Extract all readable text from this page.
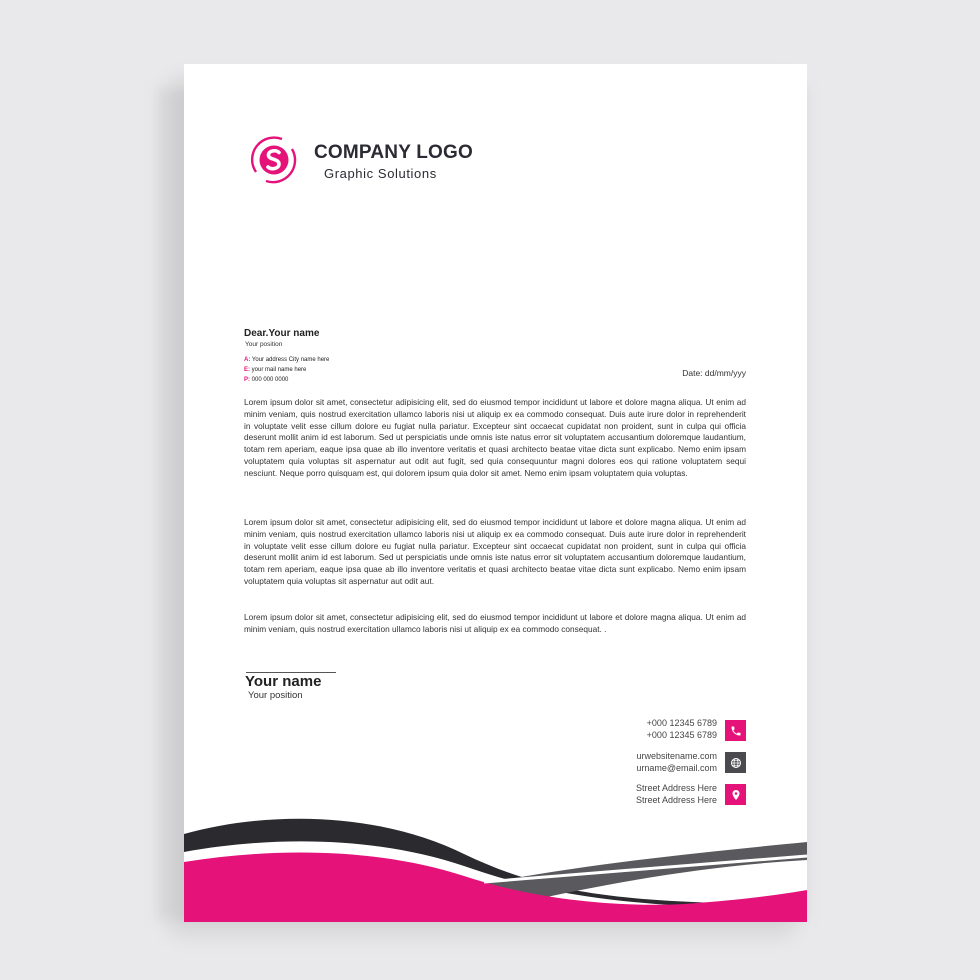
COMPANY LOGO
Graphic Solutions
Dear.Your name
Your position
A: Your address City name here
E: your mail name here
P: 000 000 0000
Date: dd/mm/yyy

Lorem ipsum dolor sit amet, consectetur adipisicing elit, sed do eiusmod tempor incididunt ut labore et dolore magna aliqua. Ut enim ad minim veniam, quis nostrud exercitation ullamco laboris nisi ut aliquip ex ea commodo consequat. Duis aute irure dolor in reprehenderit in voluptate velit esse cillum dolore eu fugiat nulla pariatur. Excepteur sint occaecat cupidatat non proident, sunt in culpa qui officia deserunt mollit anim id est laborum. Sed ut perspiciatis unde omnis iste natus error sit voluptatem accusantium doloremque laudantium, totam rem aperiam, eaque ipsa quae ab illo inventore veritatis et quasi architecto beatae vitae dicta sunt explicabo. Nemo enim ipsam voluptatem quia voluptas sit aspernatur aut odit aut fugit, sed quia consequuntur magni dolores eos qui ratione voluptatem sequi nesciunt. Neque porro quisquam est, qui dolorem ipsum quia dolor sit amet. Nemo enim ipsam voluptatem quia voluptas.

Lorem ipsum dolor sit amet, consectetur adipisicing elit, sed do eiusmod tempor incididunt ut labore et dolore magna aliqua. Ut enim ad minim veniam, quis nostrud exercitation ullamco laboris nisi ut aliquip ex ea commodo consequat. Duis aute irure dolor in reprehenderit in voluptate velit esse cillum dolore eu fugiat nulla pariatur. Excepteur sint occaecat cupidatat non proident, sunt in culpa qui officia deserunt mollit anim id est laborum. Sed ut perspiciatis unde omnis iste natus error sit voluptatem accusantium doloremque laudantium, totam rem aperiam, eaque ipsa quae ab illo inventore veritatis et quasi architecto beatae vitae dicta sunt explicabo. Nemo enim ipsam voluptatem quia voluptas sit aspernatur aut odit aut.

Lorem ipsum dolor sit amet, consectetur adipisicing elit, sed do eiusmod tempor incididunt ut labore et dolore magna aliqua. Ut enim ad minim veniam, quis nostrud exercitation ullamco laboris nisi ut aliquip ex ea commodo consequat. .

Your name
Your position
+000 12345 6789
+000 12345 6789
urwebsitename.com
urname@email.com
Street Address Here
Street Address Here
